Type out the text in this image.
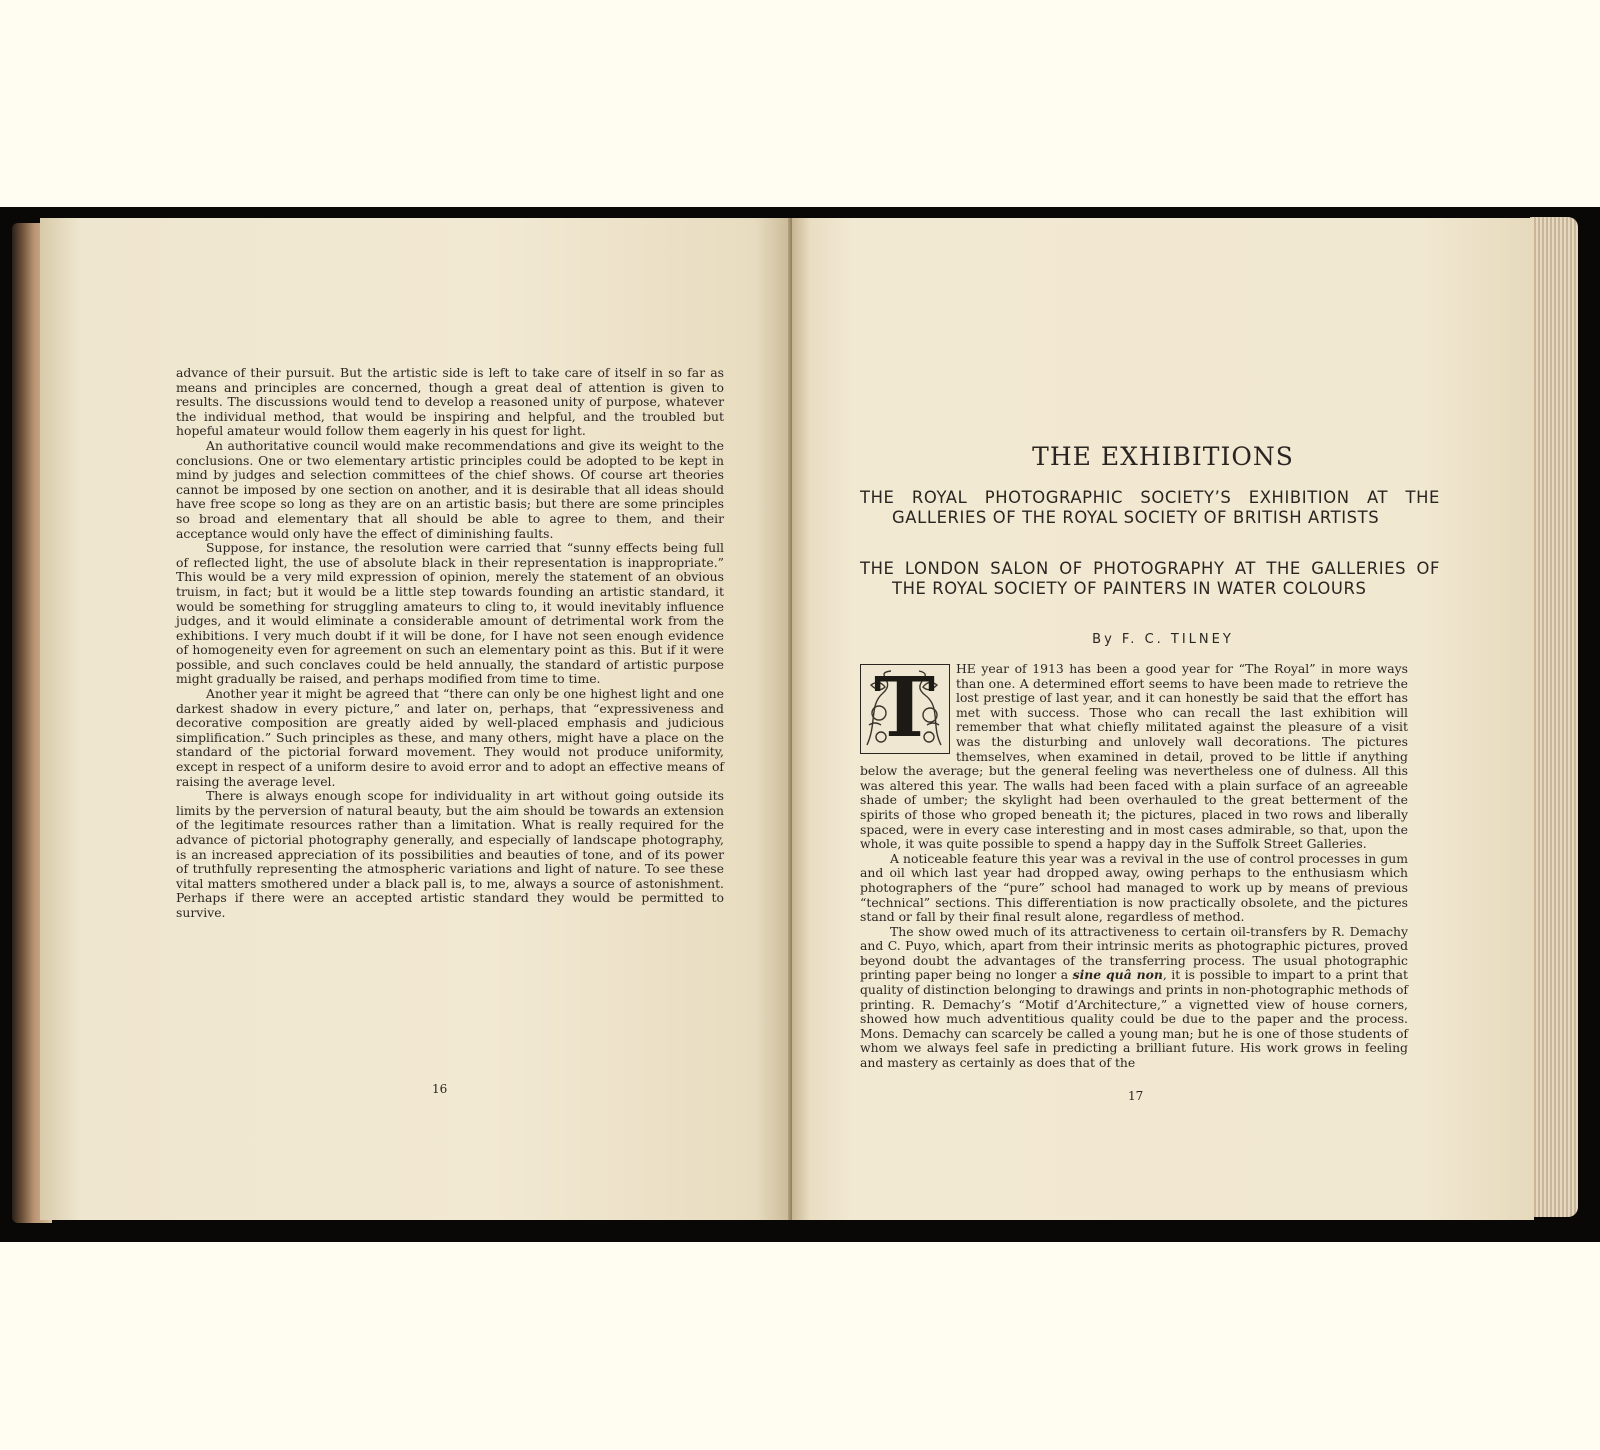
advance of their pursuit. But the artistic side is left to take care of itself in so far as means and principles are concerned, though a great deal of attention is given to results. The discussions would tend to develop a reasoned unity of purpose, whatever the individual method, that would be inspiring and helpful, and the troubled but hopeful amateur would follow them eagerly in his quest for light.

An authoritative council would make recommendations and give its weight to the conclusions. One or two elementary artistic principles could be adopted to be kept in mind by judges and selection committees of the chief shows. Of course art theories cannot be imposed by one section on another, and it is desirable that all ideas should have free scope so long as they are on an artistic basis; but there are some principles so broad and elementary that all should be able to agree to them, and their acceptance would only have the effect of diminishing faults.

Suppose, for instance, the resolution were carried that “sunny effects being full of reflected light, the use of absolute black in their representation is inappropriate.” This would be a very mild expression of opinion, merely the statement of an obvious truism, in fact; but it would be a little step towards founding an artistic standard, it would be something for struggling amateurs to cling to, it would inevitably influence judges, and it would eliminate a considerable amount of detrimental work from the exhibitions. I very much doubt if it will be done, for I have not seen enough evidence of homogeneity even for agreement on such an elementary point as this. But if it were possible, and such conclaves could be held annually, the standard of artistic purpose might gradually be raised, and perhaps modified from time to time.

Another year it might be agreed that “there can only be one highest light and one darkest shadow in every picture,” and later on, perhaps, that “expressiveness and decorative composition are greatly aided by well-placed emphasis and judicious simplification.” Such principles as these, and many others, might have a place on the standard of the pictorial forward movement. They would not produce uniformity, except in respect of a uniform desire to avoid error and to adopt an effective means of raising the average level.

There is always enough scope for individuality in art without going outside its limits by the perversion of natural beauty, but the aim should be towards an extension of the legitimate resources rather than a limitation. What is really required for the advance of pictorial photography generally, and especially of landscape photography, is an increased appreciation of its possibilities and beauties of tone, and of its power of truthfully representing the atmospheric variations and light of nature. To see these vital matters smothered under a black pall is, to me, always a source of astonishment. Perhaps if there were an accepted artistic standard they would be permitted to survive.

16
THE EXHIBITIONS
THE ROYAL PHOTOGRAPHIC SOCIETY’S EXHIBITION AT THE GALLERIES OF THE ROYAL SOCIETY OF BRITISH ARTISTS
THE LONDON SALON OF PHOTOGRAPHY AT THE GALLERIES OF THE ROYAL SOCIETY OF PAINTERS IN WATER COLOURS
By F. C. TILNEY
T	HE year of 1913 has been a good year for “The Royal” in more ways than one. A determined effort seems to have been made to retrieve the lost prestige of last year, and it can honestly be said that the effort has met with success. Those who can recall the last exhibition will remember that what chiefly militated against the pleasure of a visit was the disturbing and unlovely wall decorations. The pictures themselves, when examined in detail, proved to be little if anything below the average; but the general feeling was nevertheless one of dulness. All this was altered this year. The walls had been faced with a plain surface of an agreeable shade of umber; the skylight had been overhauled to the great betterment of the spirits of those who groped beneath it; the pictures, placed in two rows and liberally spaced, were in every case interesting and in most cases admirable, so that, upon the whole, it was quite possible to spend a happy day in the Suffolk Street Galleries.

A noticeable feature this year was a revival in the use of control processes in gum and oil which last year had dropped away, owing perhaps to the enthusiasm which photographers of the “pure” school had managed to work up by means of previous “technical” sections. This differentiation is now practically obsolete, and the pictures stand or fall by their final result alone, regardless of method.

The show owed much of its attractiveness to certain oil-transfers by R. Demachy and C. Puyo, which, apart from their intrinsic merits as photographic pictures, proved beyond doubt the advantages of the transferring process. The usual photographic printing paper being no longer a sine quâ non, it is possible to impart to a print that quality of distinction belonging to drawings and prints in non-photographic methods of printing. R. Demachy’s “Motif d’Architecture,” a vignetted view of house corners, showed how much adventitious quality could be due to the paper and the process. Mons. Demachy can scarcely be called a young man; but he is one of those students of whom we always feel safe in predicting a brilliant future. His work grows in feeling and mastery as certainly as does that of the

17
